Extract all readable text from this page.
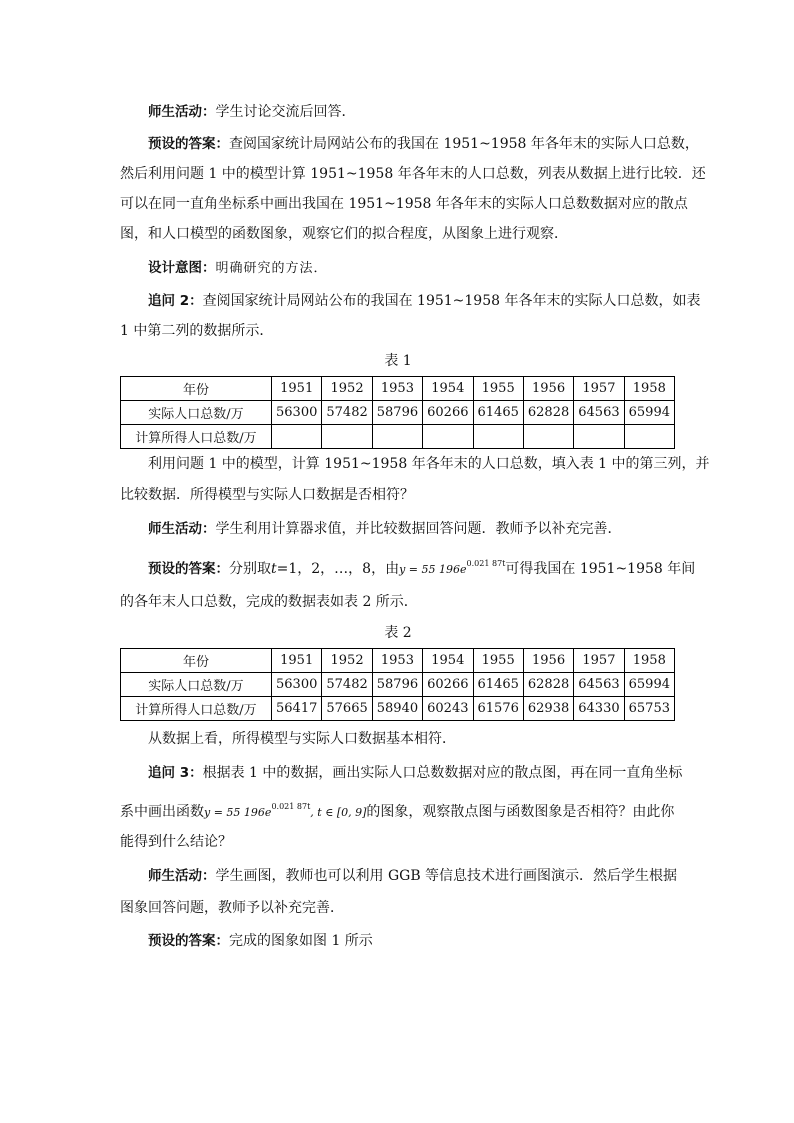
师生活动：学生讨论交流后回答．

预设的答案：查阅国家统计局网站公布的我国在 1951~1958 年各年末的实际人口总数，

然后利用问题 1 中的模型计算 1951~1958 年各年末的人口总数，列表从数据上进行比较．还

可以在同一直角坐标系中画出我国在 1951~1958 年各年末的实际人口总数数据对应的散点

图，和人口模型的函数图象，观察它们的拟合程度，从图象上进行观察．

设计意图：明确研究的方法．

追问 2：查阅国家统计局网站公布的我国在 1951~1958 年各年末的实际人口总数，如表

1 中第二列的数据所示．

表 1
年份	1951	1952	1953	1954	1955	1956	1957	1958
实际人口总数/万	56300	57482	58796	60266	61465	62828	64563	65994
计算所得人口总数/万								

利用问题 1 中的模型，计算 1951~1958 年各年末的人口总数，填入表 1 中的第三列，并

比较数据．所得模型与实际人口数据是否相符？

师生活动：学生利用计算器求值，并比较数据回答问题．教师予以补充完善．

预设的答案：分别取t=1，2，…，8，由y = 55 $196e^{0.021 87t}$可得我国在 1951~1958 年间

的各年末人口总数，完成的数据表如表 2 所示．

表 2
年份	1951	1952	1953	1954	1955	1956	1957	1958
实际人口总数/万	56300	57482	58796	60266	61465	62828	64563	65994
计算所得人口总数/万	56417	57665	58940	60243	61576	62938	64330	65753

从数据上看，所得模型与实际人口数据基本相符．

追问 3：根据表 1 中的数据，画出实际人口总数数据对应的散点图，再在同一直角坐标

系中画出函数y = 55 $196e^{0.021 87t}$, t ∈ [0, 9]的图象，观察散点图与函数图象是否相符？由此你

能得到什么结论？

师生活动：学生画图，教师也可以利用 GGB 等信息技术进行画图演示．然后学生根据

图象回答问题，教师予以补充完善．

预设的答案：完成的图象如图 1 所示
